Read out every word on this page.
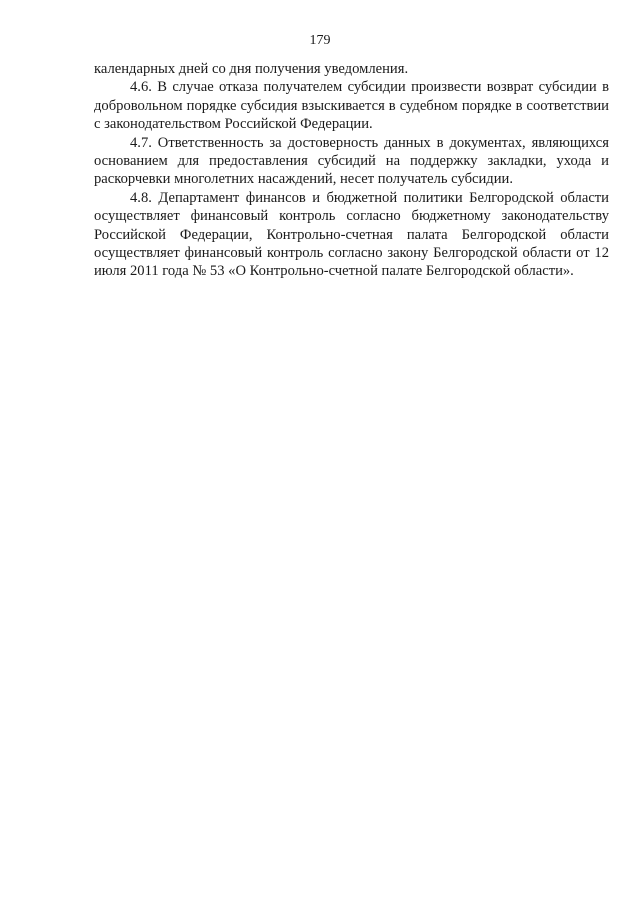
179

календарных дней со дня получения уведомления.

4.6. В случае отказа получателем субсидии произвести возврат субсидии в добровольном порядке субсидия взыскивается в судебном порядке в соответствии с законодательством Российской Федерации.

4.7. Ответственность за достоверность данных в документах, являющихся основанием для предоставления субсидий на поддержку закладки, ухода и раскорчевки многолетних насаждений, несет получатель субсидии.

4.8. Департамент финансов и бюджетной политики Белгородской области осуществляет финансовый контроль согласно бюджетному законодательству Российской Федерации, Контрольно-счетная палата Белгородской области осуществляет финансовый контроль согласно закону Белгородской области от 12 июля 2011 года № 53 «О Контрольно-счетной палате Белгородской области».
